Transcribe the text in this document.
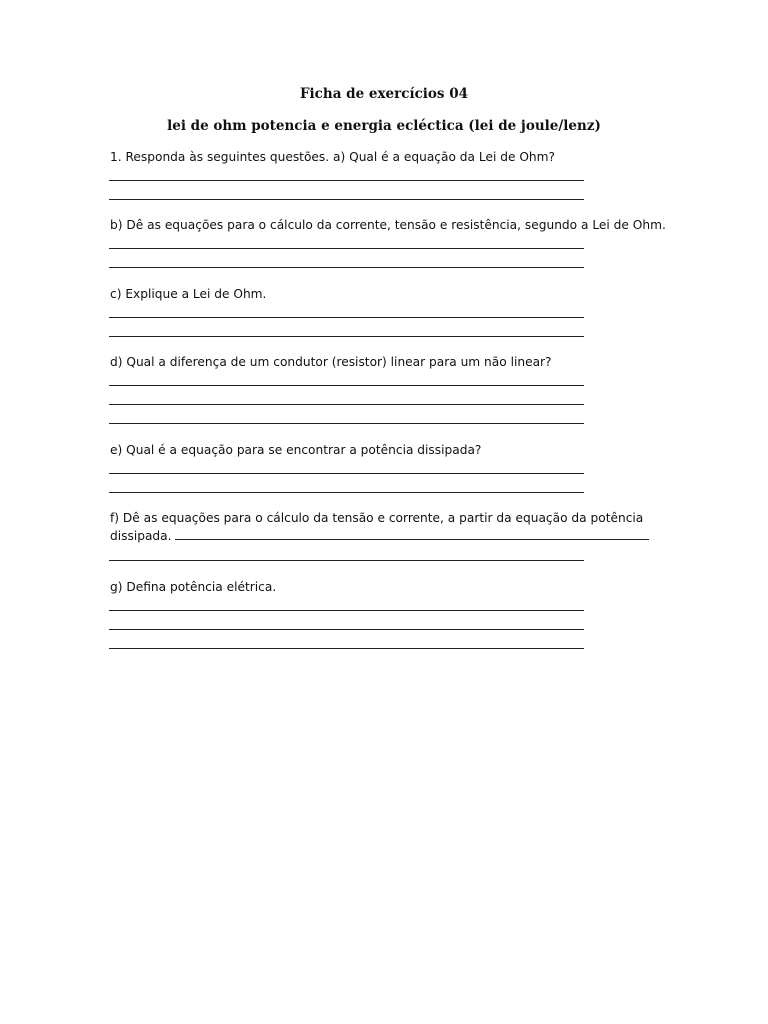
Ficha de exercícios 04
lei de ohm potencia e energia ecléctica (lei de joule/lenz)

1. Responda às seguintes questões. a) Qual é a equação da Lei de Ohm?

b) Dê as equações para o cálculo da corrente, tensão e resistência, segundo a Lei de Ohm.

c) Explique a Lei de Ohm.

d) Qual a diferença de um condutor (resistor) linear para um não linear?

e) Qual é a equação para se encontrar a potência dissipada?

f) Dê as equações para o cálculo da tensão e corrente, a partir da equação da potência

dissipada.

g) Defina potência elétrica.
